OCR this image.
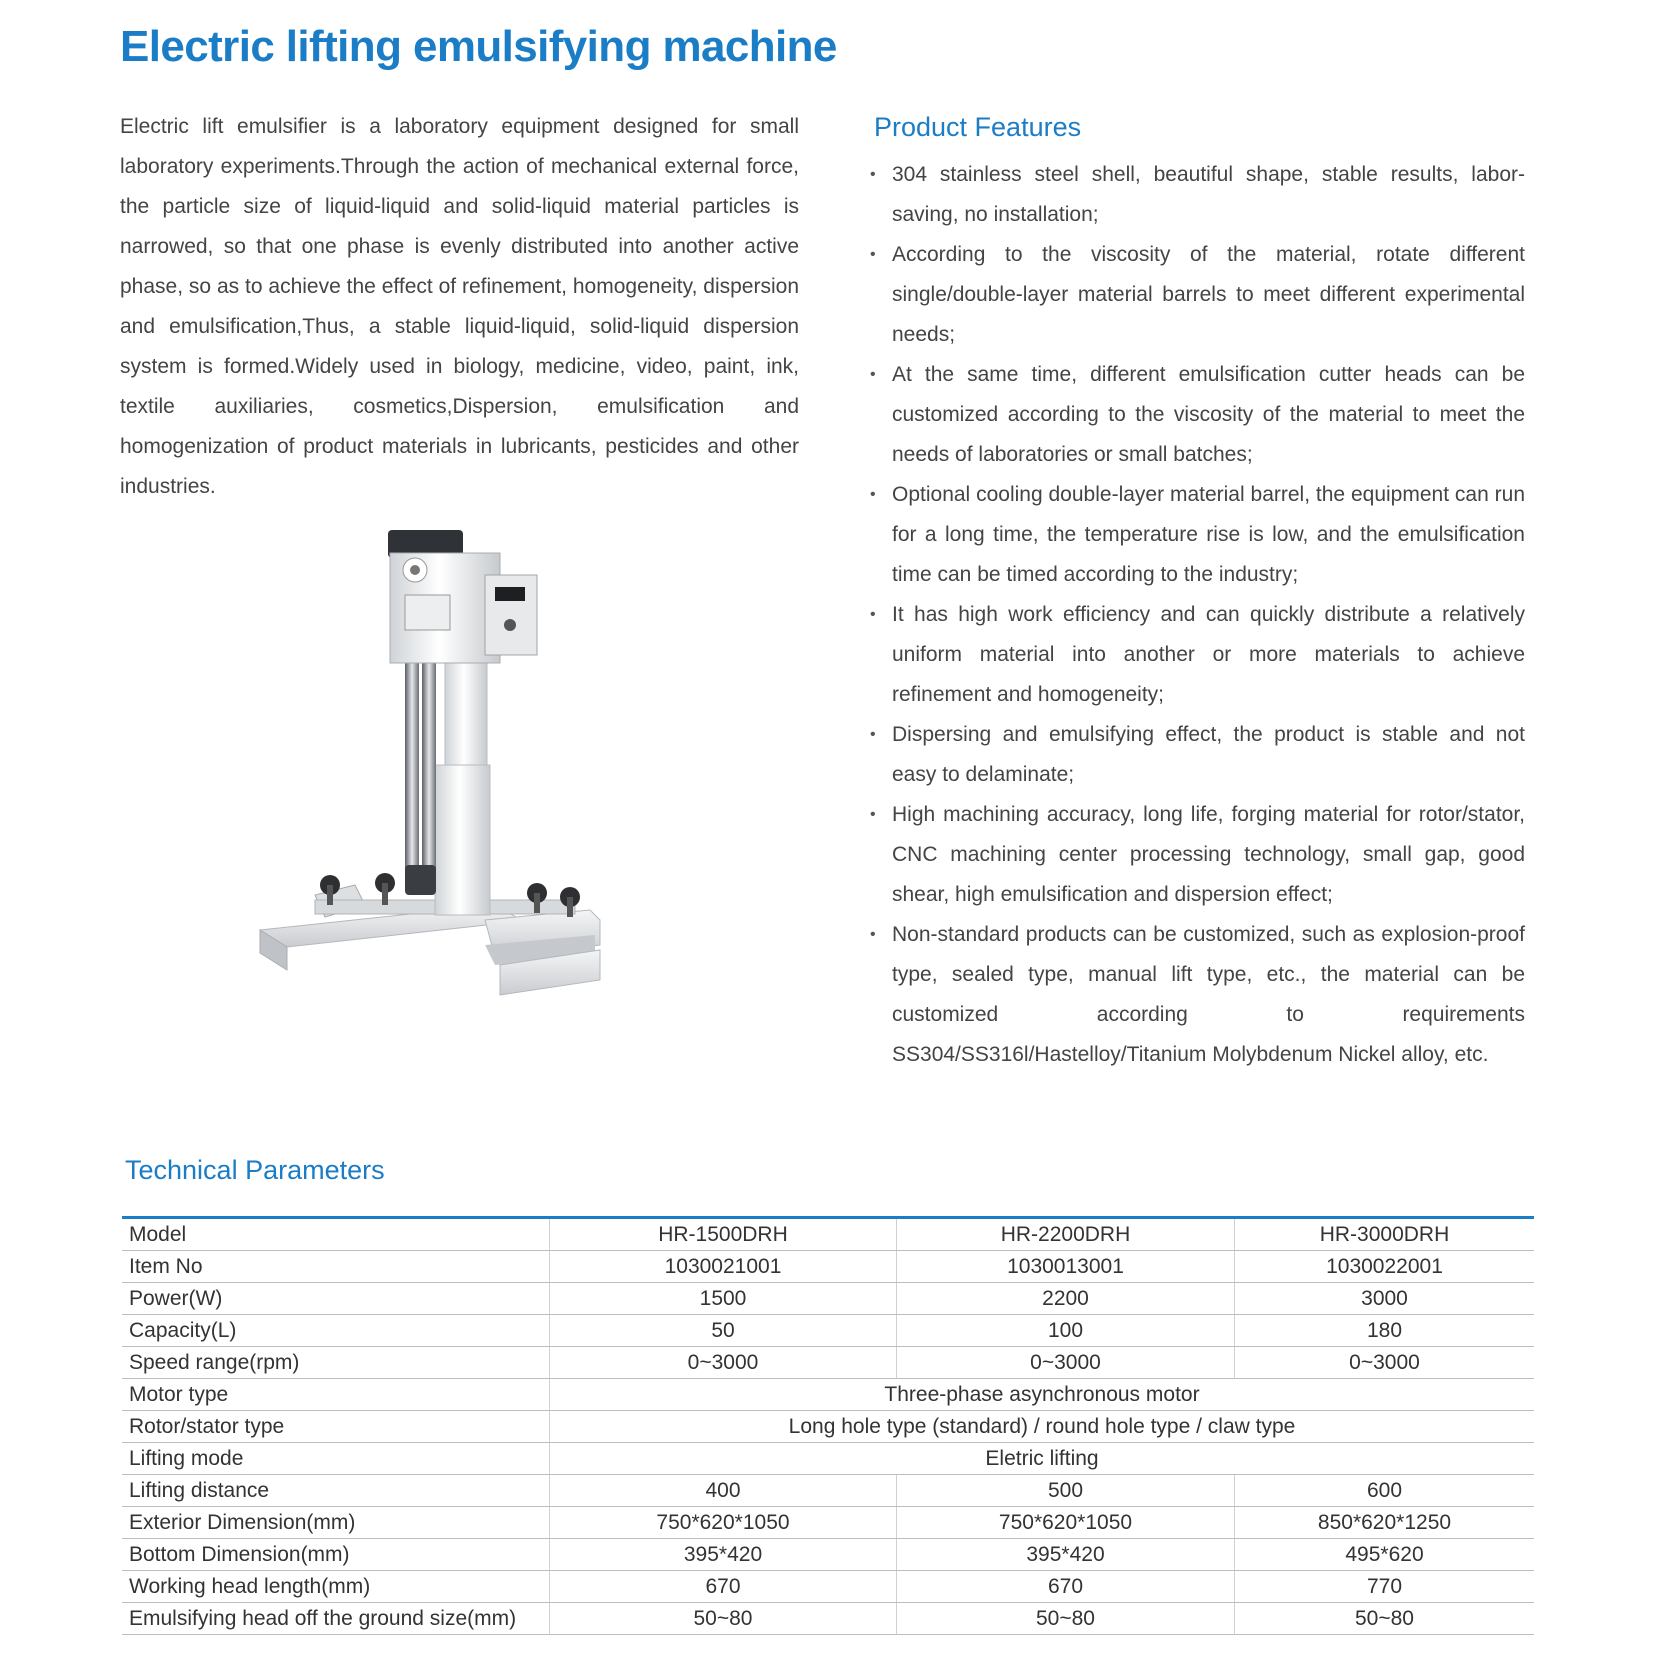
Electric lifting emulsifying machine

Electric lift emulsifier is a laboratory equipment designed for small laboratory experiments.Through the action of mechanical external force, the particle size of liquid-liquid and solid-liquid material particles is narrowed, so that one phase is evenly distributed into another active phase, so as to achieve the effect of refinement, homogeneity, dispersion and emulsification,Thus, a stable liquid-liquid, solid-liquid dispersion system is formed.Widely used in biology, medicine, video, paint, ink, textile auxiliaries, cosmetics,Dispersion, emulsification and homogenization of product materials in lubricants, pesticides and other industries.

Product Features
• 304 stainless steel shell, beautiful shape, stable results, labor-saving, no installation;
• According to the viscosity of the material, rotate different single/double-layer material barrels to meet different experimental needs;
• At the same time, different emulsification cutter heads can be customized according to the viscosity of the material to meet the needs of laboratories or small batches;
• Optional cooling double-layer material barrel, the equipment can run for a long time, the temperature rise is low, and the emulsification time can be timed according to the industry;
• It has high work efficiency and can quickly distribute a relatively uniform material into another or more materials to achieve refinement and homogeneity;
• Dispersing and emulsifying effect, the product is stable and not easy to delaminate;
• High machining accuracy, long life, forging material for rotor/stator, CNC machining center processing technology, small gap, good shear, high emulsification and dispersion effect;
• Non-standard products can be customized, such as explosion-proof type, sealed type, manual lift type, etc., the material can be customized according to requirements SS304/SS316l/Hastelloy/Titanium Molybdenum Nickel alloy, etc.
Technical Parameters
Model	HR-1500DRH	HR-2200DRH	HR-3000DRH
Item No	1030021001	1030013001	1030022001
Power(W)	1500	2200	3000
Capacity(L)	50	100	180
Speed range(rpm)	0~3000	0~3000	0~3000
Motor type	Three-phase asynchronous motor		
Rotor/stator type	Long hole type (standard) / round hole type / claw type		
Lifting mode	Eletric lifting		
Lifting distance	400	500	600
Exterior Dimension(mm)	750*620*1050	750*620*1050	850*620*1250
Bottom Dimension(mm)	395*420	395*420	495*620
Working head length(mm)	670	670	770
Emulsifying head off the ground size(mm)	50~80	50~80	50~80
